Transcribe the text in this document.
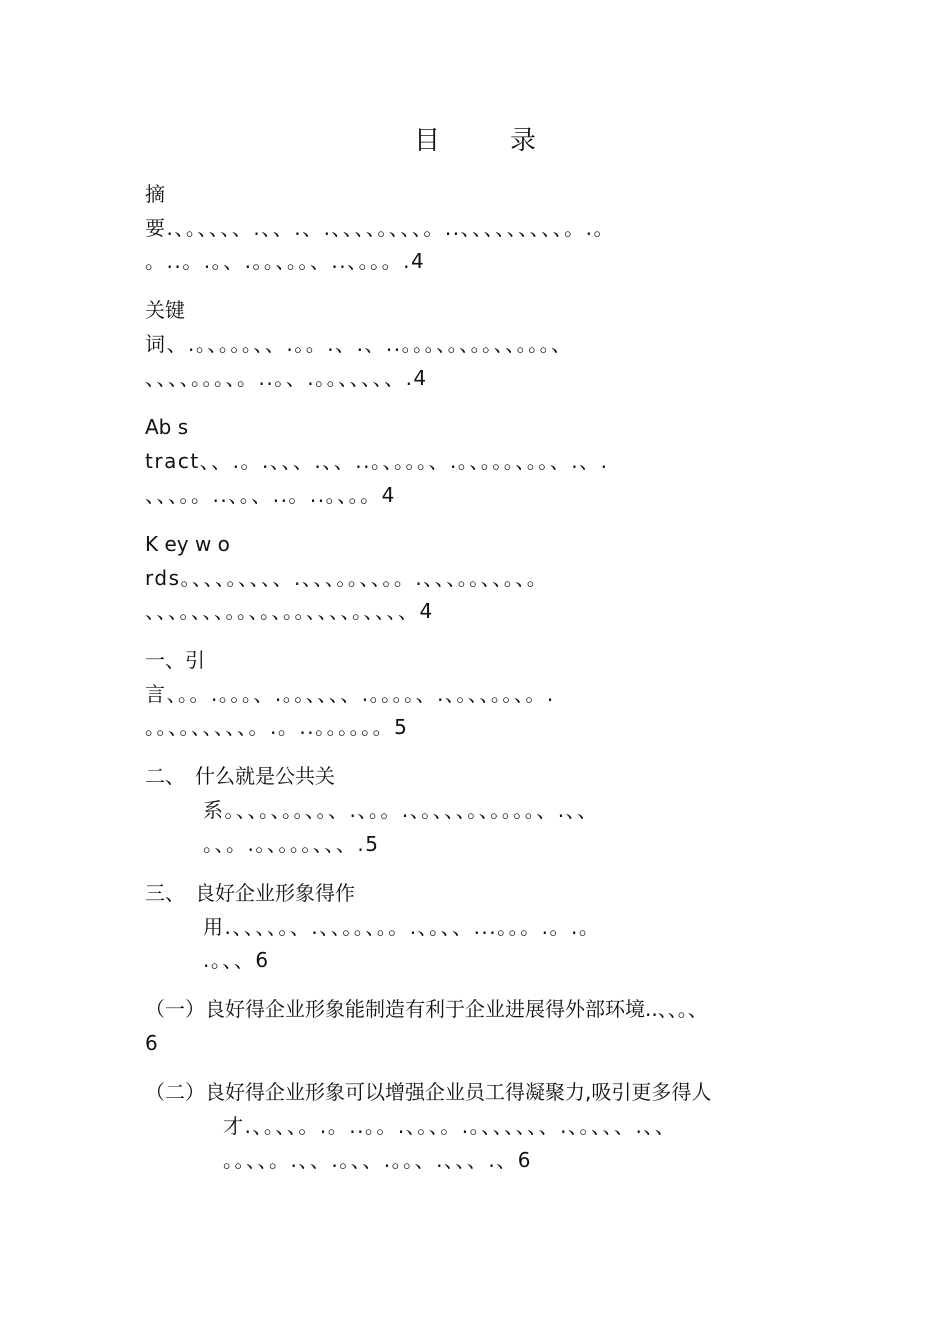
目　录
摘
要.、。、、、、.、、.、.、、、、。、、、。..、、、、、、、、、。.。
。..。.。、.。。、。。、..、。。。.4
关键
词、.。、。。。、、.。。.、.、..。。。、。、。。、、。。。、
、、、、。。。、。..。、.。。、、、、、.4
Ab s
tract、、.。.、、、.、、..。、。。。、.。、。。。、。。、.、.
、、、。。..、。、..。..。、。。4
K ey w o
rds。、、、。、、、、.、、、。。、、。。.、、、。。、、。、。
、、、。、、、。。、。、。。、、、、。、、、、4
一、引
言、。。.。。。、.。。、、、、.。。。。、.、。、、。。、。.
。。、。、、、、、。.。..。。。。。。5
二、　什么就是公共关
系。、、。、。。、。、.、。。.、。、、、。、。。。。、.、、
。、。.。、。。。、、、.5
三、　良好企业形象得作
用.、、、、。、.、、。。、。。.、。、、...。。。.。.。
.。、、6
（一）良好得企业形象能制造有利于企业进展得外部环境..、、。、
6
（二）良好得企业形象可以增强企业员工得凝聚力,吸引更多得人
才.、。、、。.。..。。.、。、。.。、、、、、、.、。、、、.、、
。。、、。.、、.。、、.。。、.、、、.、6
